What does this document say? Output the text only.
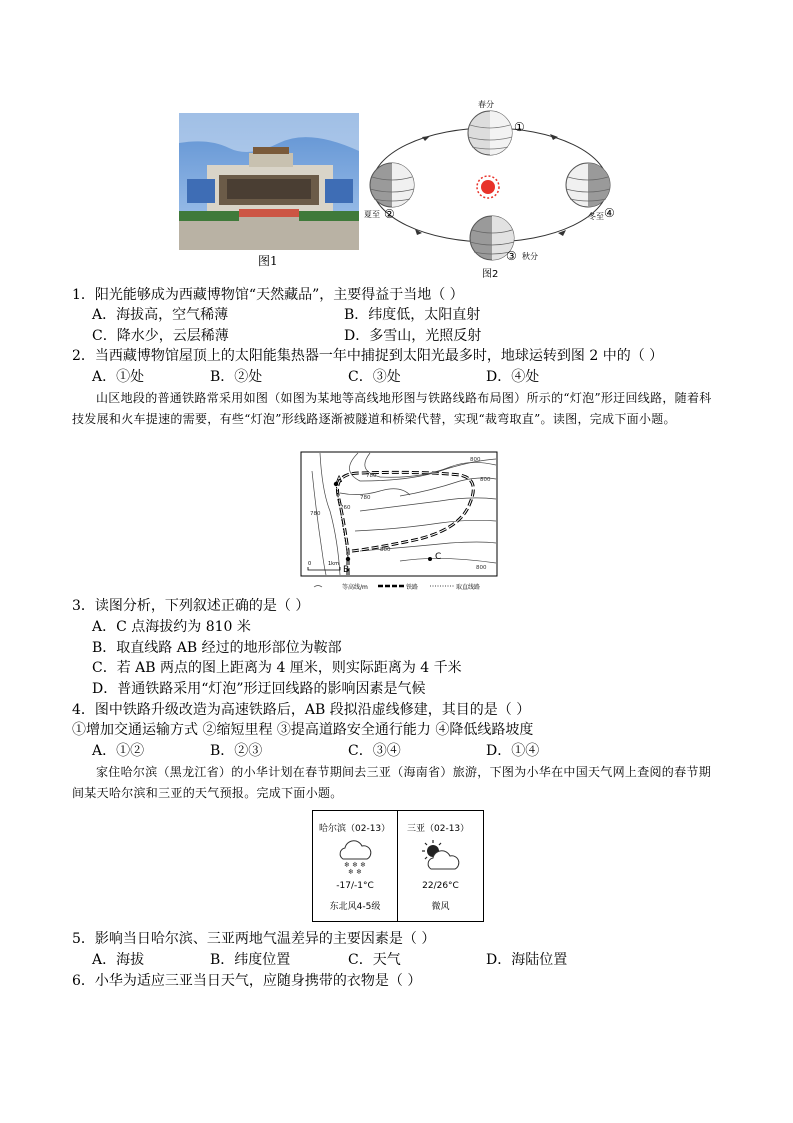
图1
春分
①
夏至 ②	冬至 ④
③ 秋分
图2
1．阳光能够成为西藏博物馆“天然藏品”，主要得益于当地（ ）
A．海拔高，空气稀薄	B．纬度低，太阳直射
C．降水少，云层稀薄	D．多雪山，光照反射
2．当西藏博物馆屋顶上的太阳能集热器一年中捕捉到太阳光最多时，地球运转到图 2 中的（ ）
A．①处	B．②处	C．③处	D．④处
山区地段的普通铁路常采用如图（如图为某地等高线地形图与铁路线路布局图）所示的“灯泡”形迂回线路，随着科技发展和火车提速的需要，有些“灯泡”形线路逐渐被隧道和桥梁代替，实现“裁弯取直”。读图，完成下面小题。
A
B
C
780
780
760
780
800
800
800
800
0	1km
等高线/m	铁路	取直线路
3．读图分析，下列叙述正确的是（ ）
A．C 点海拔约为 810 米
B．取直线路 AB 经过的地形部位为鞍部
C．若 AB 两点的图上距离为 4 厘米，则实际距离为 4 千米
D．普通铁路采用“灯泡”形迂回线路的影响因素是气候
4．图中铁路升级改造为高速铁路后，AB 段拟沿虚线修建，其目的是（ ）
①增加交通运输方式 ②缩短里程 ③提高道路安全通行能力 ④降低线路坡度
A．①②	B．②③	C．③④	D．①④
家住哈尔滨（黑龙江省）的小华计划在春节期间去三亚（海南省）旅游，下图为小华在中国天气网上查阅的春节期间某天哈尔滨和三亚的天气预报。完成下面小题。
哈尔滨（02-13）
❄ ❄ ❄
❄ ❄
-17/-1°C
东北风4-5级
三亚（02-13）
22/26°C
微风
5．影响当日哈尔滨、三亚两地气温差异的主要因素是（ ）
A．海拔	B．纬度位置	C．天气	D．海陆位置
6．小华为适应三亚当日天气，应随身携带的衣物是（ ）
